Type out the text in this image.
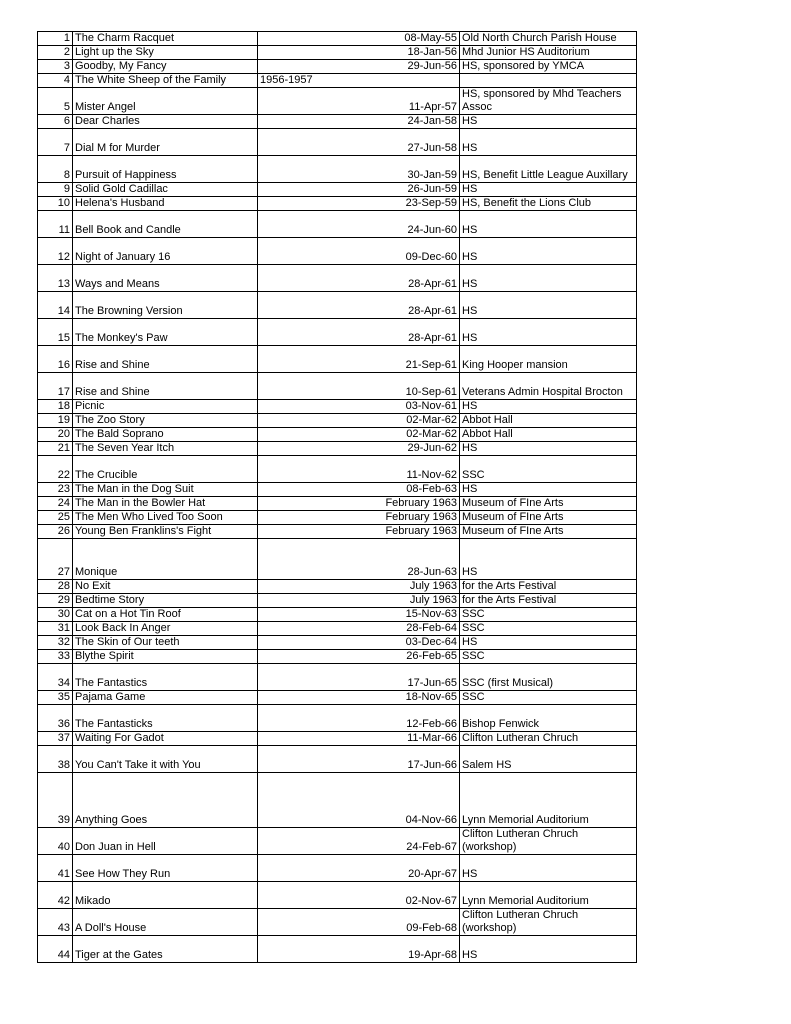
1	The Charm Racquet	08-May-55	Old North Church Parish House
2	Light up the Sky	18-Jan-56	Mhd Junior HS Auditorium
3	Goodby, My Fancy	29-Jun-56	HS, sponsored by YMCA
4	The White Sheep of the Family	1956-1957	
5	Mister Angel	11-Apr-57	HS, sponsored by Mhd Teachers Assoc
6	Dear Charles	24-Jan-58	HS
7	Dial M for Murder	27-Jun-58	HS
8	Pursuit of Happiness	30-Jan-59	HS, Benefit Little League Auxillary
9	Solid Gold Cadillac	26-Jun-59	HS
10	Helena's Husband	23-Sep-59	HS, Benefit the Lions Club
11	Bell Book and Candle	24-Jun-60	HS
12	Night of January 16	09-Dec-60	HS
13	Ways and Means	28-Apr-61	HS
14	The Browning Version	28-Apr-61	HS
15	The Monkey's Paw	28-Apr-61	HS
16	Rise and Shine	21-Sep-61	King Hooper mansion
17	Rise and Shine	10-Sep-61	Veterans Admin Hospital Brocton
18	Picnic	03-Nov-61	HS
19	The Zoo Story	02-Mar-62	Abbot Hall
20	The Bald Soprano	02-Mar-62	Abbot Hall
21	The Seven Year Itch	29-Jun-62	HS
22	The Crucible	11-Nov-62	SSC
23	The Man in the Dog Suit	08-Feb-63	HS
24	The Man in the Bowler Hat	February 1963	Museum of FIne Arts
25	The Men Who Lived Too Soon	February 1963	Museum of FIne Arts
26	Young Ben Franklins's Fight	February 1963	Museum of FIne Arts
27	Monique	28-Jun-63	HS
28	No Exit	July 1963	for the Arts Festival
29	Bedtime Story	July 1963	for the Arts Festival
30	Cat on a Hot Tin Roof	15-Nov-63	SSC
31	Look Back In Anger	28-Feb-64	SSC
32	The Skin of Our teeth	03-Dec-64	HS
33	Blythe Spirit	26-Feb-65	SSC
34	The Fantastics	17-Jun-65	SSC (first Musical)
35	Pajama Game	18-Nov-65	SSC
36	The Fantasticks	12-Feb-66	Bishop Fenwick
37	Waiting For Gadot	11-Mar-66	Clifton Lutheran Chruch
38	You Can't Take it with You	17-Jun-66	Salem HS
39	Anything Goes	04-Nov-66	Lynn Memorial Auditorium
40	Don Juan in Hell	24-Feb-67	Clifton Lutheran Chruch (workshop)
41	See How They Run	20-Apr-67	HS
42	Mikado	02-Nov-67	Lynn Memorial Auditorium
43	A Doll's House	09-Feb-68	Clifton Lutheran Chruch (workshop)
44	Tiger at the Gates	19-Apr-68	HS
